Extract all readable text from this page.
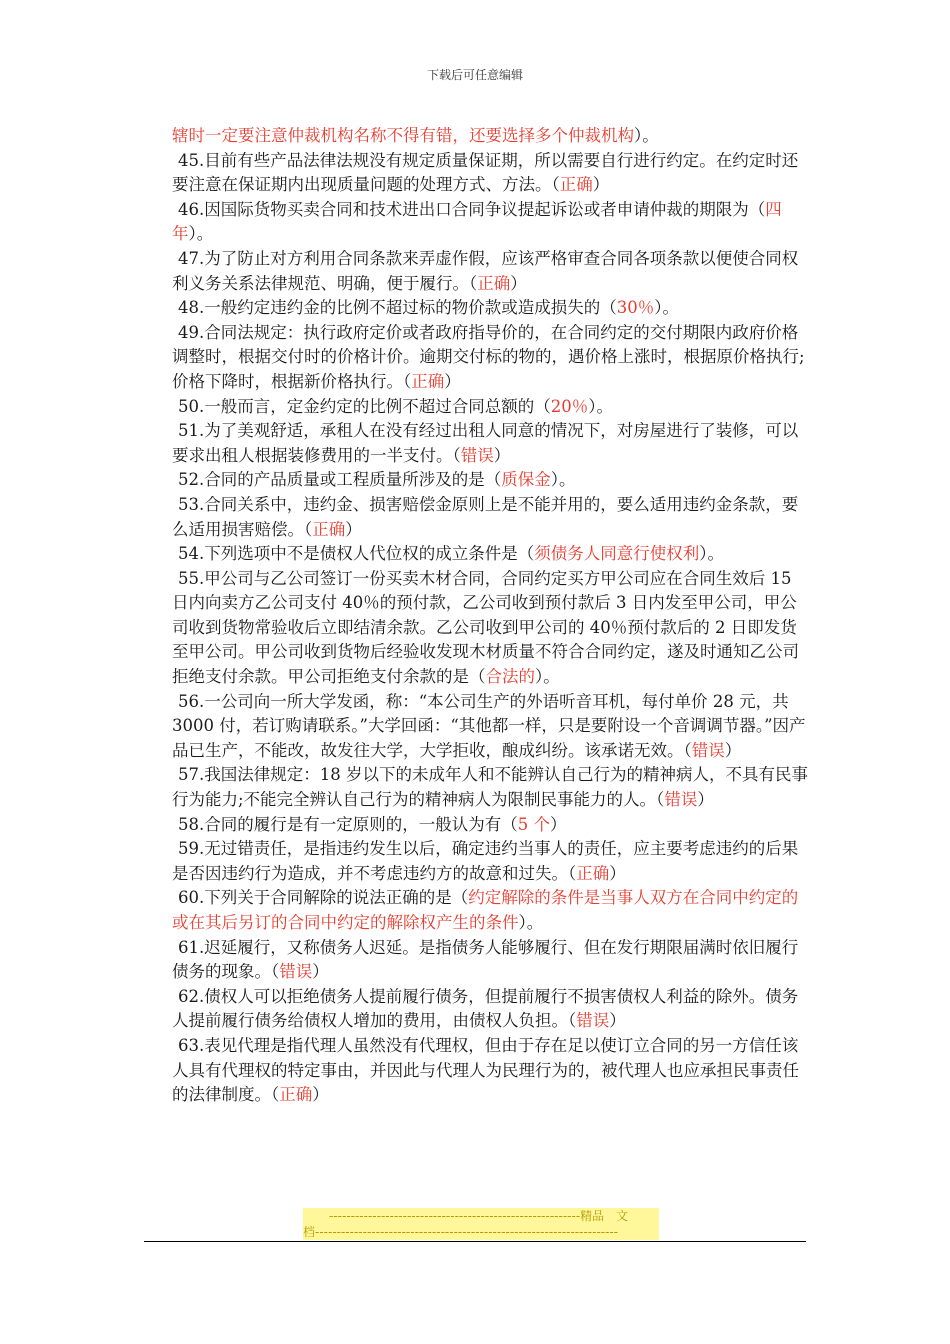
下载后可任意编辑

辖时一定要注意仲裁机构名称不得有错，还要选择多个仲裁机构）。

45.目前有些产品法律法规没有规定质量保证期，所以需要自行进行约定。在约定时还要注意在保证期内出现质量问题的处理方式、方法。（正确）

46.因国际货物买卖合同和技术进出口合同争议提起诉讼或者申请仲裁的期限为（四年）。

47.为了防止对方利用合同条款来弄虚作假，应该严格审查合同各项条款以便使合同权利义务关系法律规范、明确，便于履行。（正确）

48.一般约定违约金的比例不超过标的物价款或造成损失的（30％）。

49.合同法规定：执行政府定价或者政府指导价的，在合同约定的交付期限内政府价格调整时，根据交付时的价格计价。逾期交付标的物的，遇价格上涨时，根据原价格执行;价格下降时，根据新价格执行。（正确）

50.一般而言，定金约定的比例不超过合同总额的（20％）。

51.为了美观舒适，承租人在没有经过出租人同意的情况下，对房屋进行了装修，可以要求出租人根据装修费用的一半支付。（错误）

52.合同的产品质量或工程质量所涉及的是（质保金）。

53.合同关系中，违约金、损害赔偿金原则上是不能并用的，要么适用违约金条款，要么适用损害赔偿。（正确）

54.下列选项中不是债权人代位权的成立条件是（须债务人同意行使权利）。

55.甲公司与乙公司签订一份买卖木材合同，合同约定买方甲公司应在合同生效后 15 日内向卖方乙公司支付 40％的预付款，乙公司收到预付款后 3 日内发至甲公司，甲公司收到货物常验收后立即结清余款。乙公司收到甲公司的 40％预付款后的 2 日即发货至甲公司。甲公司收到货物后经验收发现木材质量不符合合同约定，遂及时通知乙公司拒绝支付余款。甲公司拒绝支付余款的是（合法的）。

56.一公司向一所大学发函，称：“本公司生产的外语听音耳机，每付单价 28 元，共 3000 付，若订购请联系。”大学回函：“其他都一样，只是要附设一个音调调节器。”因产品已生产，不能改，故发往大学，大学拒收，酿成纠纷。该承诺无效。（错误）

57.我国法律规定：18 岁以下的未成年人和不能辨认自己行为的精神病人，不具有民事行为能力;不能完全辨认自己行为的精神病人为限制民事能力的人。（错误）

58.合同的履行是有一定原则的，一般认为有（5 个）

59.无过错责任，是指违约发生以后，确定违约当事人的责任，应主要考虑违约的后果是否因违约行为造成，并不考虑违约方的故意和过失。（正确）

60.下列关于合同解除的说法正确的是（约定解除的条件是当事人双方在合同中约定的或在其后另订的合同中约定的解除权产生的条件）。

61.迟延履行，又称债务人迟延。是指债务人能够履行、但在发行期限届满时依旧履行债务的现象。（错误）

62.债权人可以拒绝债务人提前履行债务，但提前履行不损害债权人利益的除外。债务人提前履行债务给债权人增加的费用，由债权人负担。（错误）

63.表见代理是指代理人虽然没有代理权，但由于存在足以使订立合同的另一方信任该人具有代理权的特定事由，并因此与代理人为民理行为的，被代理人也应承担民事责任的法律制度。（正确）

----------------------------------------------------------精品　文
档----------------------------------------------------------------------
